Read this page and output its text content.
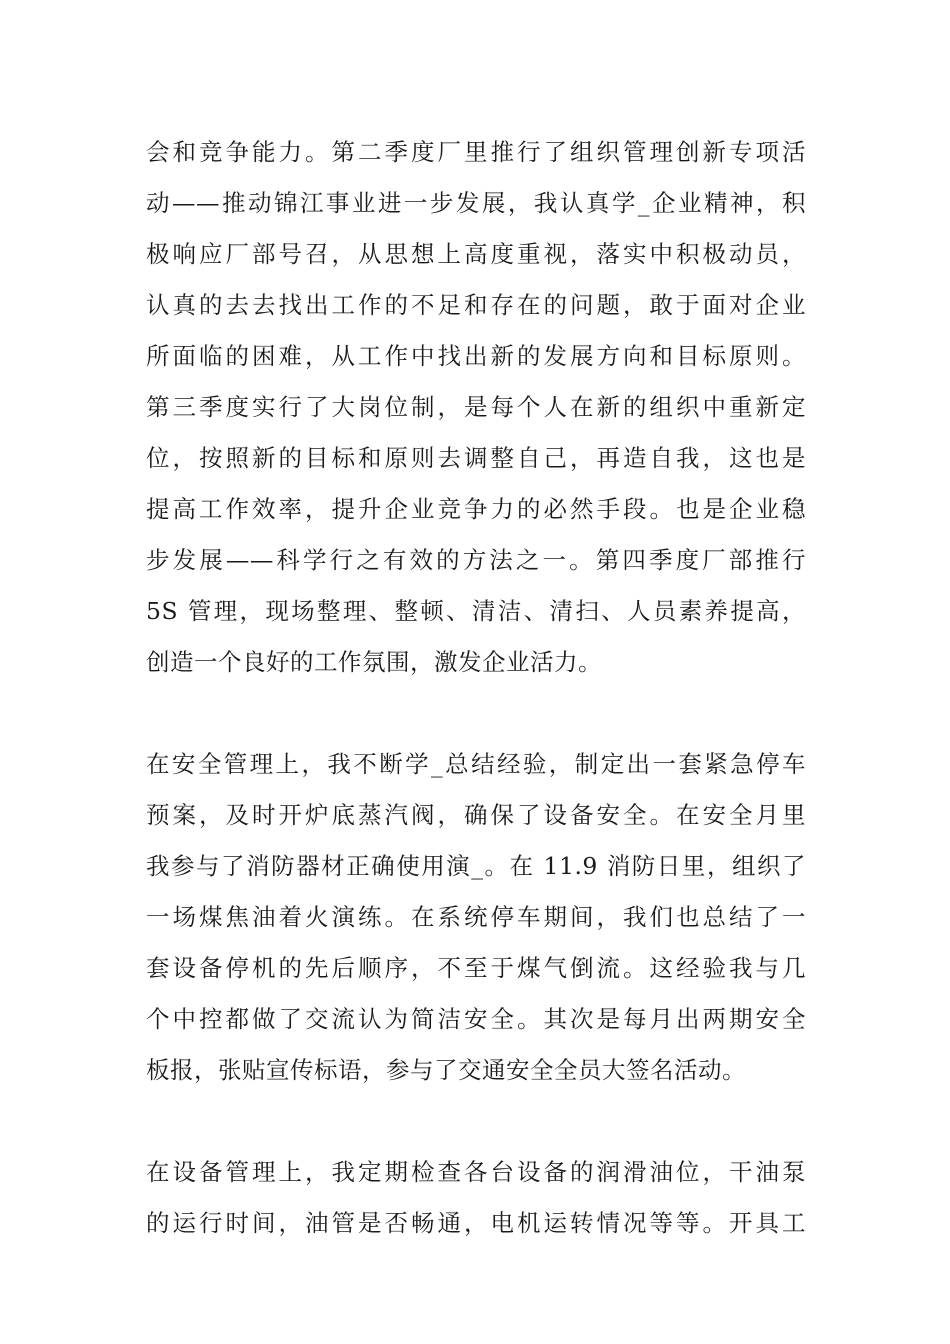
会和竞争能力。第二季度厂里推行了组织管理创新专项活
动——推动锦江事业进一步发展，我认真学_企业精神，积
极响应厂部号召，从思想上高度重视，落实中积极动员，
认真的去去找出工作的不足和存在的问题，敢于面对企业
所面临的困难，从工作中找出新的发展方向和目标原则。
第三季度实行了大岗位制，是每个人在新的组织中重新定
位，按照新的目标和原则去调整自己，再造自我，这也是
提高工作效率，提升企业竞争力的必然手段。也是企业稳
步发展——科学行之有效的方法之一。第四季度厂部推行
5S 管理，现场整理、整顿、清洁、清扫、人员素养提高，
创造一个良好的工作氛围，激发企业活力。
在安全管理上，我不断学_总结经验，制定出一套紧急停车
预案，及时开炉底蒸汽阀，确保了设备安全。在安全月里
我参与了消防器材正确使用演_。在 11.9 消防日里，组织了
一场煤焦油着火演练。在系统停车期间，我们也总结了一
套设备停机的先后顺序，不至于煤气倒流。这经验我与几
个中控都做了交流认为简洁安全。其次是每月出两期安全
板报，张贴宣传标语，参与了交通安全全员大签名活动。
在设备管理上，我定期检查各台设备的润滑油位，干油泵
的运行时间，油管是否畅通，电机运转情况等等。开具工
